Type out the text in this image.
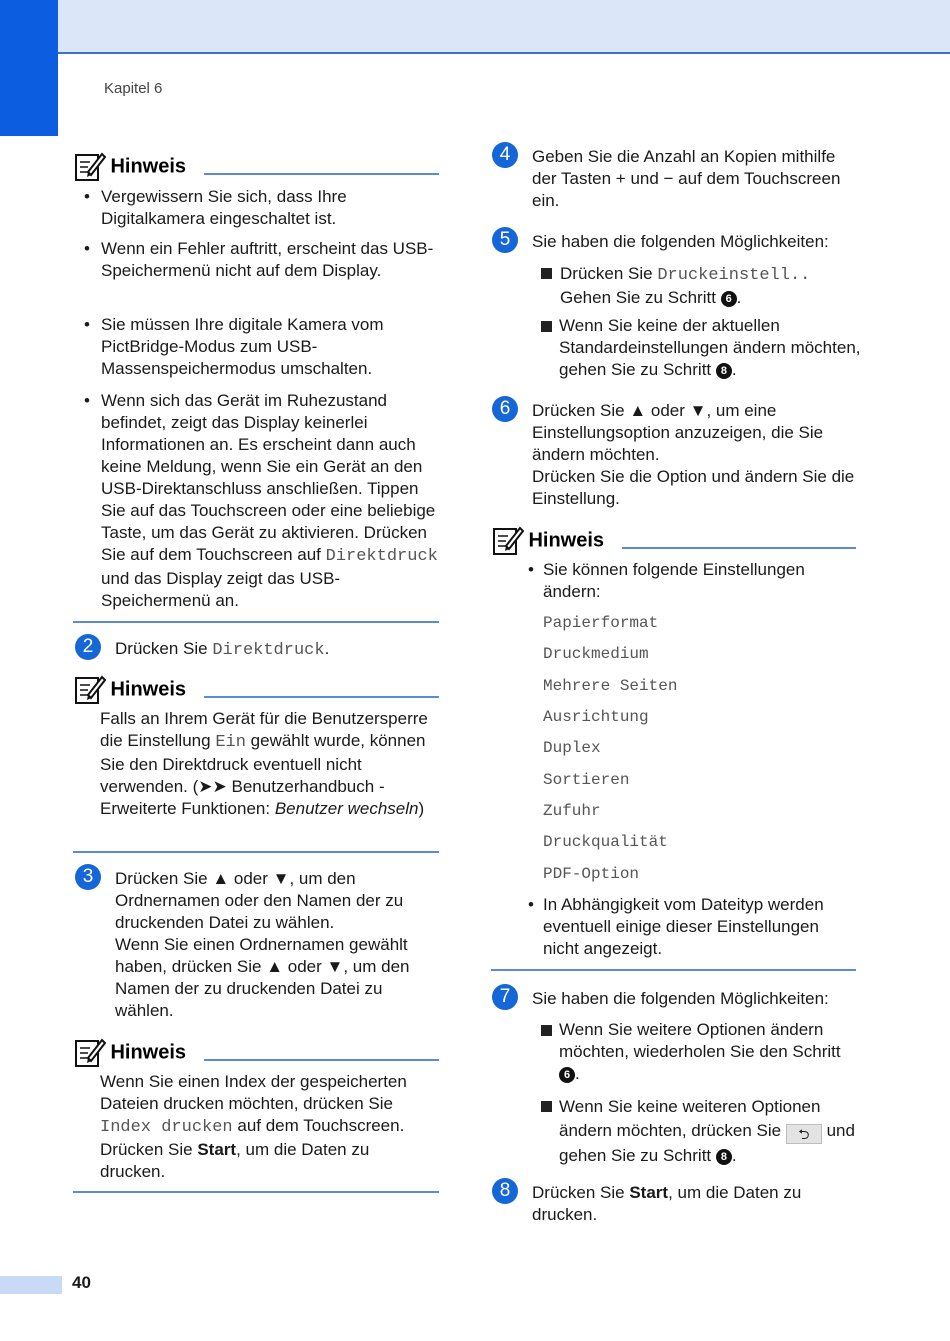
Kapitel 6
Hinweis
• Vergewissern Sie sich, dass Ihre Digitalkamera eingeschaltet ist.
• Wenn ein Fehler auftritt, erscheint das USB-Speichermenü nicht auf dem Display.
• Sie müssen Ihre digitale Kamera vom PictBridge-Modus zum USB-Massenspeichermodus umschalten.
• Wenn sich das Gerät im Ruhezustand befindet, zeigt das Display keinerlei Informationen an. Es erscheint dann auch keine Meldung, wenn Sie ein Gerät an den USB-Direktanschluss anschließen. Tippen Sie auf das Touchscreen oder eine beliebige Taste, um das Gerät zu aktivieren. Drücken Sie auf dem Touchscreen auf Direktdruck und das Display zeigt das USB-Speichermenü an.
2	Drücken Sie Direktdruck.
Hinweis
Falls an Ihrem Gerät für die Benutzersperre die Einstellung Ein gewählt wurde, können Sie den Direktdruck eventuell nicht verwenden. (➤➤ Benutzerhandbuch - Erweiterte Funktionen: Benutzer wechseln)
3	Drücken Sie ▲ oder ▼, um den Ordnernamen oder den Namen der zu druckenden Datei zu wählen.
Wenn Sie einen Ordnernamen gewählt haben, drücken Sie ▲ oder ▼, um den Namen der zu druckenden Datei zu wählen.
Hinweis
Wenn Sie einen Index der gespeicherten Dateien drucken möchten, drücken Sie Index drucken auf dem Touchscreen.
Drücken Sie Start, um die Daten zu drucken.
4	Geben Sie die Anzahl an Kopien mithilfe der Tasten + und − auf dem Touchscreen ein.
5	Sie haben die folgenden Möglichkeiten:
Drücken Sie Druckeinstell..
Gehen Sie zu Schritt 6 .
Wenn Sie keine der aktuellen Standardeinstellungen ändern möchten, gehen Sie zu Schritt 8 .
6	Drücken Sie ▲ oder ▼, um eine Einstellungsoption anzuzeigen, die Sie ändern möchten.
Drücken Sie die Option und ändern Sie die Einstellung.
Hinweis
• Sie können folgende Einstellungen ändern:
Papierformat
Druckmedium
Mehrere Seiten
Ausrichtung
Duplex
Sortieren
Zufuhr
Druckqualität
PDF-Option
• In Abhängigkeit vom Dateityp werden eventuell einige dieser Einstellungen nicht angezeigt.
7	Sie haben die folgenden Möglichkeiten:
Wenn Sie weitere Optionen ändern möchten, wiederholen Sie den Schritt 6 .
Wenn Sie keine weiteren Optionen ändern möchten, drücken Sie ⮌ und gehen Sie zu Schritt 8 .
8	Drücken Sie Start, um die Daten zu drucken.
40
